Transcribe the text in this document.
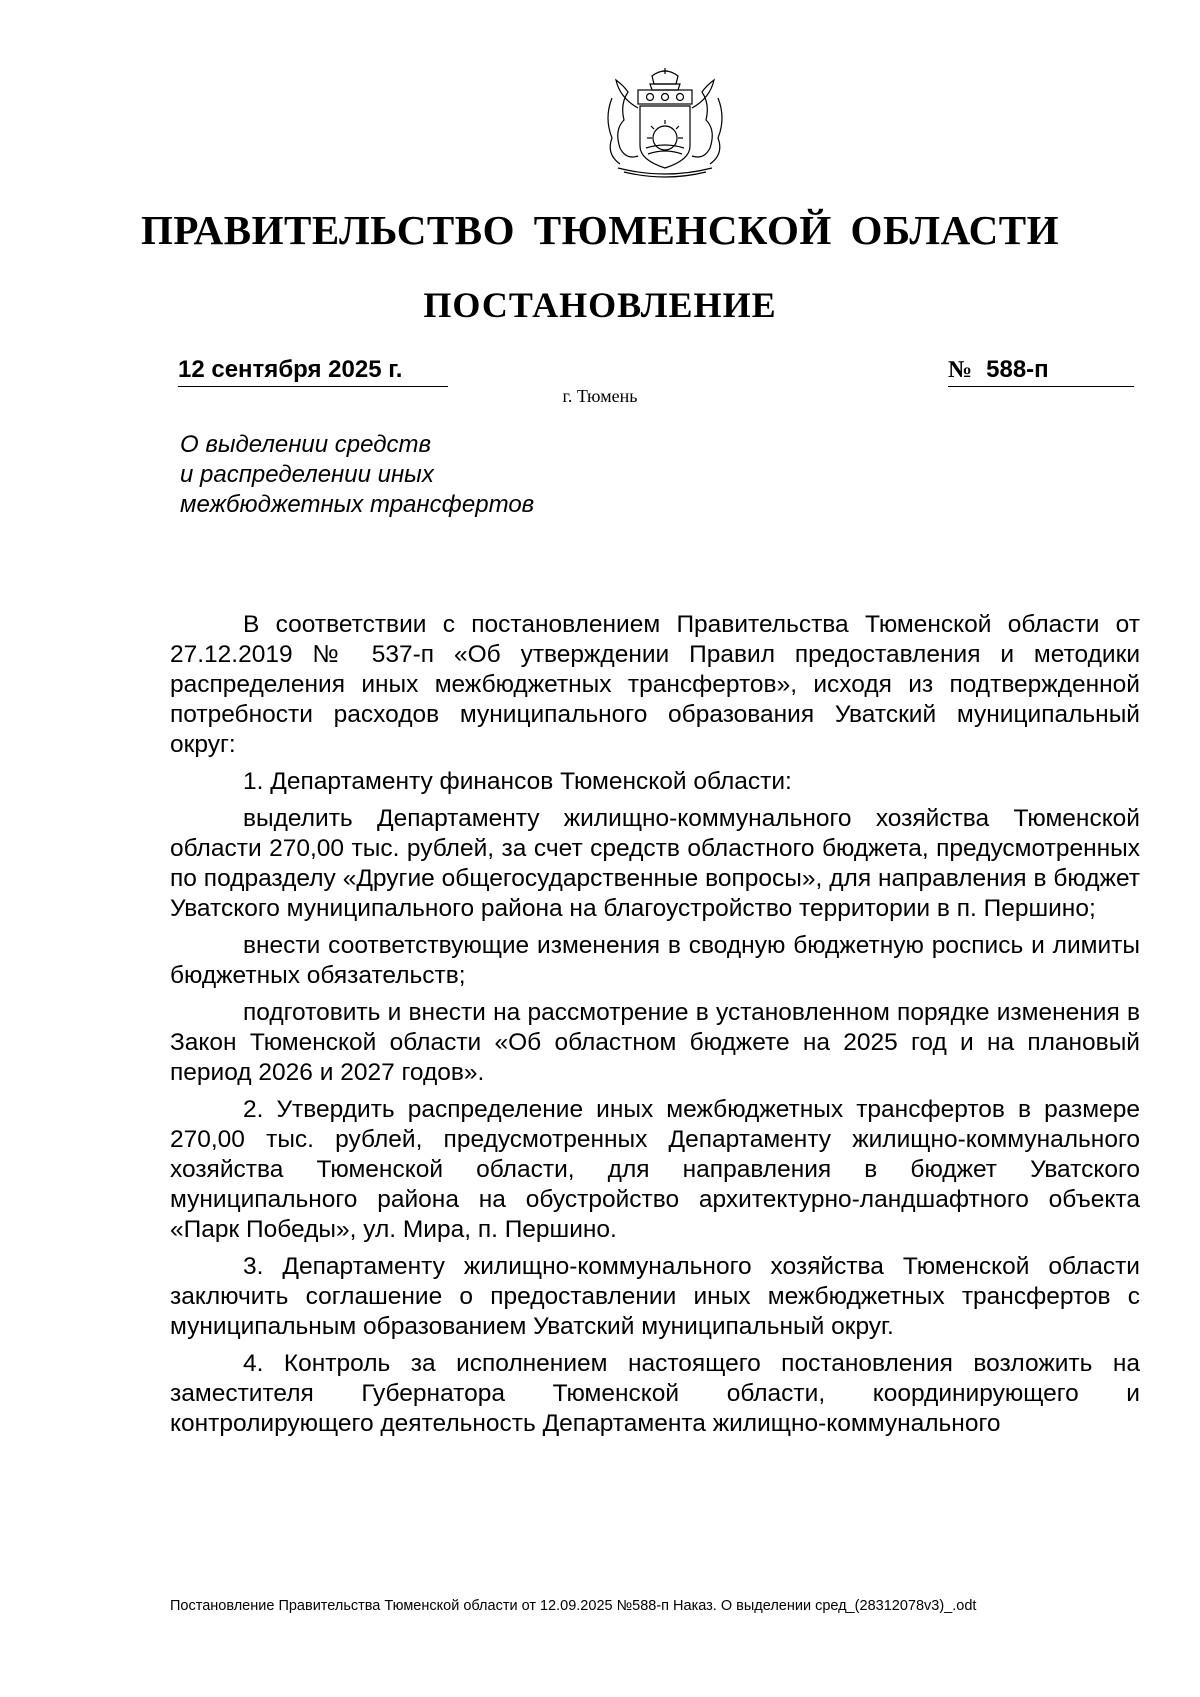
ПРАВИТЕЛЬСТВО ТЮМЕНСКОЙ ОБЛАСТИ
ПОСТАНОВЛЕНИЕ
12 сентября 2025 г.	№ 588-п
г. Тюмень
О выделении средств
и распределении иных
межбюджетных трансфертов

В соответствии с постановлением Правительства Тюменской области от 27.12.2019 № 537-п «Об утверждении Правил предоставления и методики распределения иных межбюджетных трансфертов», исходя из подтвержденной потребности расходов муниципального образования Уватский муниципальный округ:

1. Департаменту финансов Тюменской области:

выделить Департаменту жилищно-коммунального хозяйства Тюменской области 270,00 тыс. рублей, за счет средств областного бюджета, предусмотренных по подразделу «Другие общегосударственные вопросы», для направления в бюджет Уватского муниципального района на благоустройство территории в п. Першино;

внести соответствующие изменения в сводную бюджетную роспись и лимиты бюджетных обязательств;

подготовить и внести на рассмотрение в установленном порядке изменения в Закон Тюменской области «Об областном бюджете на 2025 год и на плановый период 2026 и 2027 годов».

2. Утвердить распределение иных межбюджетных трансфертов в размере 270,00 тыс. рублей, предусмотренных Департаменту жилищно-коммунального хозяйства Тюменской области, для направления в бюджет Уватского муниципального района на обустройство архитектурно-ландшафтного объекта «Парк Победы», ул. Мира, п. Першино.

3. Департаменту жилищно-коммунального хозяйства Тюменской области заключить соглашение о предоставлении иных межбюджетных трансфертов с муниципальным образованием Уватский муниципальный округ.

4. Контроль за исполнением настоящего постановления возложить на заместителя Губернатора Тюменской области, координирующего и контролирующего деятельность Департамента жилищно-коммунального

Постановление Правительства Тюменской области от 12.09.2025 №588-п Наказ. О выделении сред_(28312078v3)_.odt
